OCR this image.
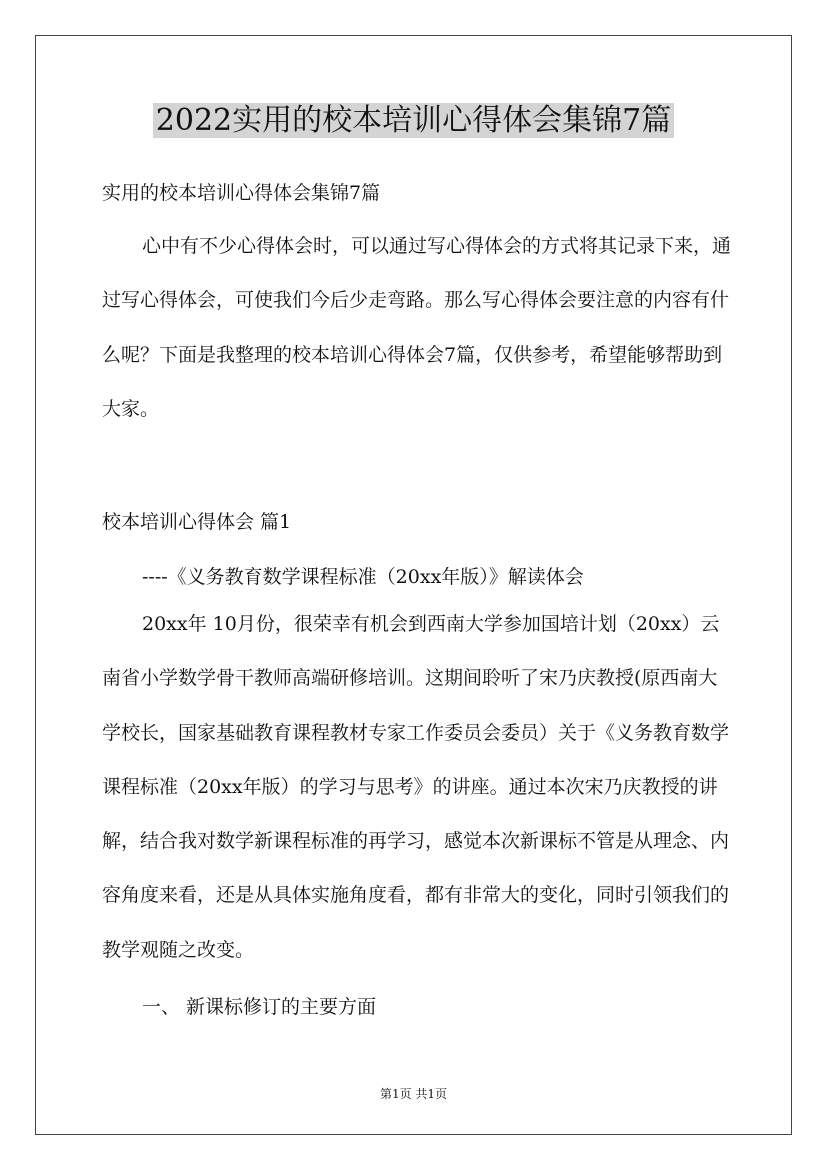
2022实用的校本培训心得体会集锦7篇

实用的校本培训心得体会集锦7篇

心中有不少心得体会时，可以通过写心得体会的方式将其记录下来，通过写心得体会，可使我们今后少走弯路。那么写心得体会要注意的内容有什么呢？下面是我整理的校本培训心得体会7篇，仅供参考，希望能够帮助到大家。

校本培训心得体会 篇1

----《义务教育数学课程标准（20xx年版）》解读体会

20xx年 10月份，很荣幸有机会到西南大学参加国培计划（20xx）云南省小学数学骨干教师高端研修培训。这期间聆听了宋乃庆教授(原西南大学校长，国家基础教育课程教材专家工作委员会委员）关于《义务教育数学课程标准（20xx年版）的学习与思考》的讲座。通过本次宋乃庆教授的讲解，结合我对数学新课程标准的再学习，感觉本次新课标不管是从理念、内容角度来看，还是从具体实施角度看，都有非常大的变化，同时引领我们的教学观随之改变。

一、 新课标修订的主要方面

第1页 共1页
